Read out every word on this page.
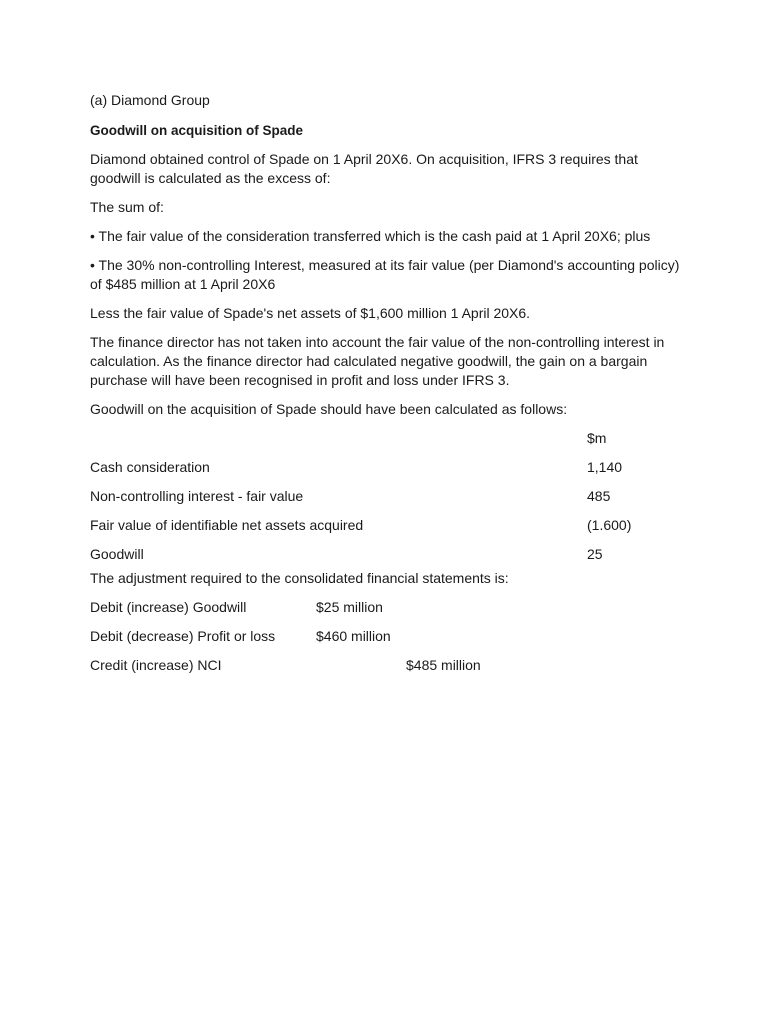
(a) Diamond Group

Goodwill on acquisition of Spade

Diamond obtained control of Spade on 1 April 20X6. On acquisition, IFRS 3 requires that goodwill is calculated as the excess of:

The sum of:

• The fair value of the consideration transferred which is the cash paid at 1 April 20X6; plus

• The 30% non-controlling Interest, measured at its fair value (per Diamond's accounting policy) of $485 million at 1 April 20X6

Less the fair value of Spade's net assets of $1,600 million 1 April 20X6.

The finance director has not taken into account the fair value of the non-controlling interest in calculation. As the finance director had calculated negative goodwill, the gain on a bargain purchase will have been recognised in profit and loss under IFRS 3.

Goodwill on the acquisition of Spade should have been calculated as follows:

$m
Cash consideration	1,140
Non-controlling interest - fair value	485
Fair value of identifiable net assets acquired	(1.600)
Goodwill	25

The adjustment required to the consolidated financial statements is:

Debit (increase) Goodwill	$25 million
Debit (decrease) Profit or loss	$460 million
Credit (increase) NCI	$485 million
